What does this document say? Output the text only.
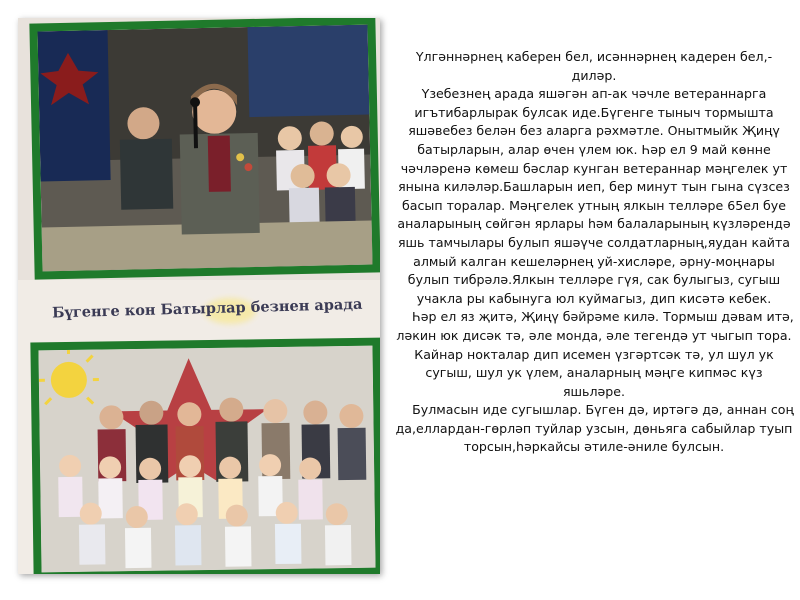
Бүгенге кон Батырлар безнен арада

Үлгәннәрнең каберен бел, исәннәрнең кадерен бел,-диләр.

Үзебезнең арада яшәгән ап-ак чәчле ветераннарга игътибарлырак булсак иде.Бүгенге тыныч тормышта яшәвебез белән без аларга рәхмәтле. Онытмыйк Җиңү батырларын, алар өчен үлем юк. Һәр ел 9 май көнне чәчләренә көмеш бәслар кунган ветераннар мәңгелек ут янына киләләр.Башларын иеп, бер минут тын гына сүзсез басып торалар. Мәңгелек утның ялкын телләре 65ел буе аналарының сөйгән ярлары һәм балаларының күзләрендә яшь тамчылары булып яшәүче солдатларның,яудан кайта алмый калган кешеләрнең уй-хисләре, әрну-моңнары булып тибрәлә.Ялкын телләре гүя, сак булыгыз, сугыш учакла ры кабынуга юл куймагыз, дип кисәтә кебек.

Һәр ел яз җитә, Җиңү бәйрәме килә. Тормыш дәвам итә, ләкин юк дисәк тә, әле монда, әле тегендә ут чыгып тора. Кайнар нокталар дип исемен үзгәртсәк тә, ул шул ук сугыш, шул ук үлем, аналарның мәңге кипмәс күз яшьләре.

Булмасын иде сугышлар. Бүген дә, иртәгә дә, аннан соң да,еллардан-гөрләп туйлар узсын, дөньяга сабыйлар туып торсын,һәркайсы әтиле-әниле булсын.
